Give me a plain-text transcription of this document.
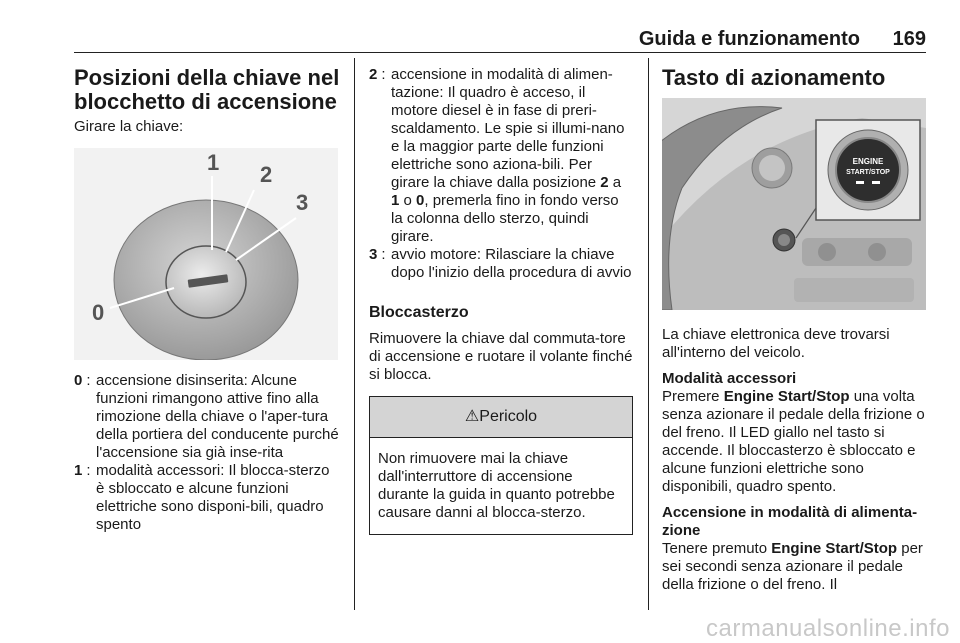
Guida e funzionamento 169
Posizioni della chiave nel blocchetto di accensione

Girare la chiave:

1 2
3
0
0 : accensione disinserita: Alcune funzioni rimangono attive fino alla rimozione della chiave o l'aper-tura della portiera del conducente purché l'accensione sia già inse-rita
1 : modalità accessori: Il blocca-sterzo è sbloccato e alcune funzioni elettriche sono disponi-bili, quadro spento
2 : accensione in modalità di alimen-tazione: Il quadro è acceso, il motore diesel è in fase di preri-scaldamento. Le spie si illumi-nano e la maggior parte delle funzioni elettriche sono aziona-bili. Per girare la chiave dalla posizione 2 a 1 o 0, premerla fino in fondo verso la colonna dello sterzo, quindi girare.
3 : avvio motore: Rilasciare la chiave dopo l'inizio della procedura di avvio
Bloccasterzo

Rimuovere la chiave dal commuta-tore di accensione e ruotare il volante finché si blocca.

⚠Pericolo
Non rimuovere mai la chiave dall'interruttore di accensione durante la guida in quanto potrebbe causare danni al blocca-sterzo.
Tasto di azionamento
ENGINE
START/STOP

La chiave elettronica deve trovarsi all'interno del veicolo.

Modalità accessori

Premere Engine Start/Stop una volta senza azionare il pedale della frizione o del freno. Il LED giallo nel tasto si accende. Il bloccasterzo è sbloccato e alcune funzioni elettriche sono disponibili, quadro spento.

Accensione in modalità di alimenta-zione

Tenere premuto Engine Start/Stop per sei secondi senza azionare il pedale della frizione o del freno. Il

carmanualsonline.info
